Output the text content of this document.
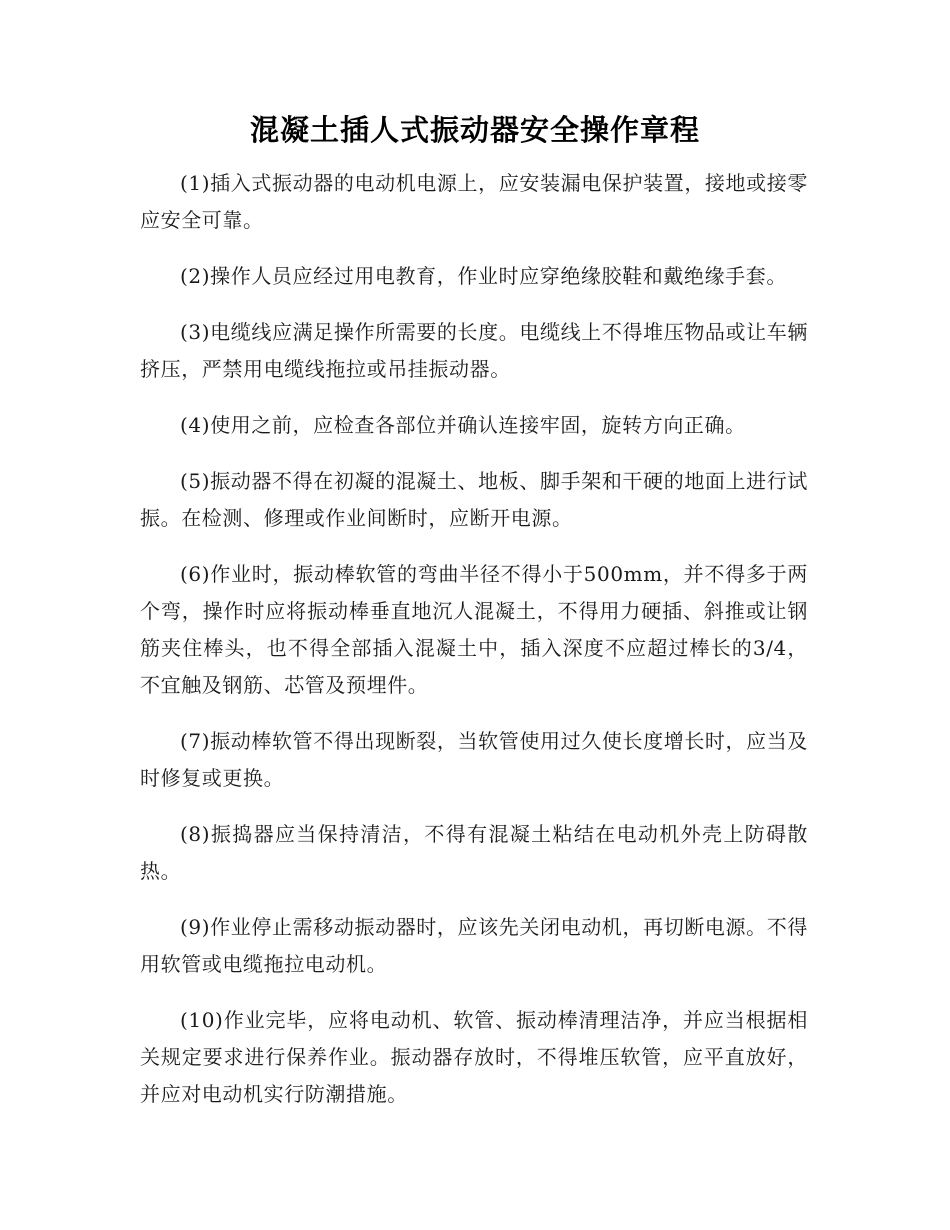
混凝土插人式振动器安全操作章程

(1)插入式振动器的电动机电源上，应安装漏电保护装置，接地或接零应安全可靠。

(2)操作人员应经过用电教育，作业时应穿绝缘胶鞋和戴绝缘手套。

(3)电缆线应满足操作所需要的长度。电缆线上不得堆压物品或让车辆挤压，严禁用电缆线拖拉或吊挂振动器。

(4)使用之前，应检查各部位并确认连接牢固，旋转方向正确。

(5)振动器不得在初凝的混凝土、地板、脚手架和干硬的地面上进行试振。在检测、修理或作业间断时，应断开电源。

(6)作业时，振动棒软管的弯曲半径不得小于500mm，并不得多于两个弯，操作时应将振动棒垂直地沉人混凝土，不得用力硬插、斜推或让钢筋夹住棒头，也不得全部插入混凝土中，插入深度不应超过棒长的3/4，不宜触及钢筋、芯管及预埋件。

(7)振动棒软管不得出现断裂，当软管使用过久使长度增长时，应当及时修复或更换。

(8)振捣器应当保持清洁，不得有混凝土粘结在电动机外壳上防碍散热。

(9)作业停止需移动振动器时，应该先关闭电动机，再切断电源。不得用软管或电缆拖拉电动机。

(10)作业完毕，应将电动机、软管、振动棒清理洁净，并应当根据相关规定要求进行保养作业。振动器存放时，不得堆压软管，应平直放好，并应对电动机实行防潮措施。
